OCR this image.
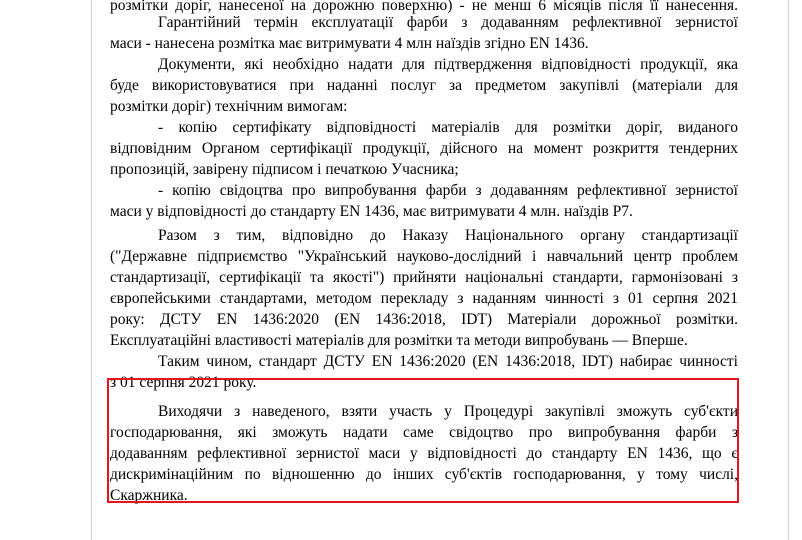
розмітки доріг, нанесеної на дорожню поверхню) - не менш 6 місяців після її нанесення.
Гарантійний термін експлуатації фарби з додаванням рефлективної зернистої
маси - нанесена розмітка має витримувати 4 млн наїздів згідно EN 1436.
Документи, які необхідно надати для підтвердження відповідності продукції, яка
буде використовуватися при наданні послуг за предметом закупівлі (матеріали для
розмітки доріг) технічним вимогам:
- копію сертифікату відповідності матеріалів для розмітки доріг, виданого
відповідним Органом сертифікації продукції, дійсного на момент розкриття тендерних
пропозицій, завірену підписом і печаткою Учасника;
- копію свідоцтва про випробування фарби з додаванням рефлективної зернистої
маси у відповідності до стандарту EN 1436, має витримувати 4 млн. наїздів Р7.
Разом з тим, відповідно до Наказу Національного органу стандартизації
("Державне підприємство "Український науково-дослідний і навчальний центр проблем
стандартизації, сертифікації та якості") прийняти національні стандарти, гармонізовані з
європейськими стандартами, методом перекладу з наданням чинності з 01 серпня 2021
року: ДСТУ EN 1436:2020 (EN 1436:2018, IDT) Матеріали дорожньої розмітки.
Експлуатаційні властивості матеріалів для розмітки та методи випробувань — Вперше.
Таким чином, стандарт ДСТУ EN 1436:2020 (EN 1436:2018, IDT) набирає чинності
з 01 серпня 2021 року.
Виходячи з наведеного, взяти участь у Процедурі закупівлі зможуть суб'єкти
господарювання, які зможуть надати саме свідоцтво про випробування фарби з
додаванням рефлективної зернистої маси у відповідності до стандарту EN 1436, що є
дискримінаційним по відношенню до інших суб'єктів господарювання, у тому числі,
Скаржника.
